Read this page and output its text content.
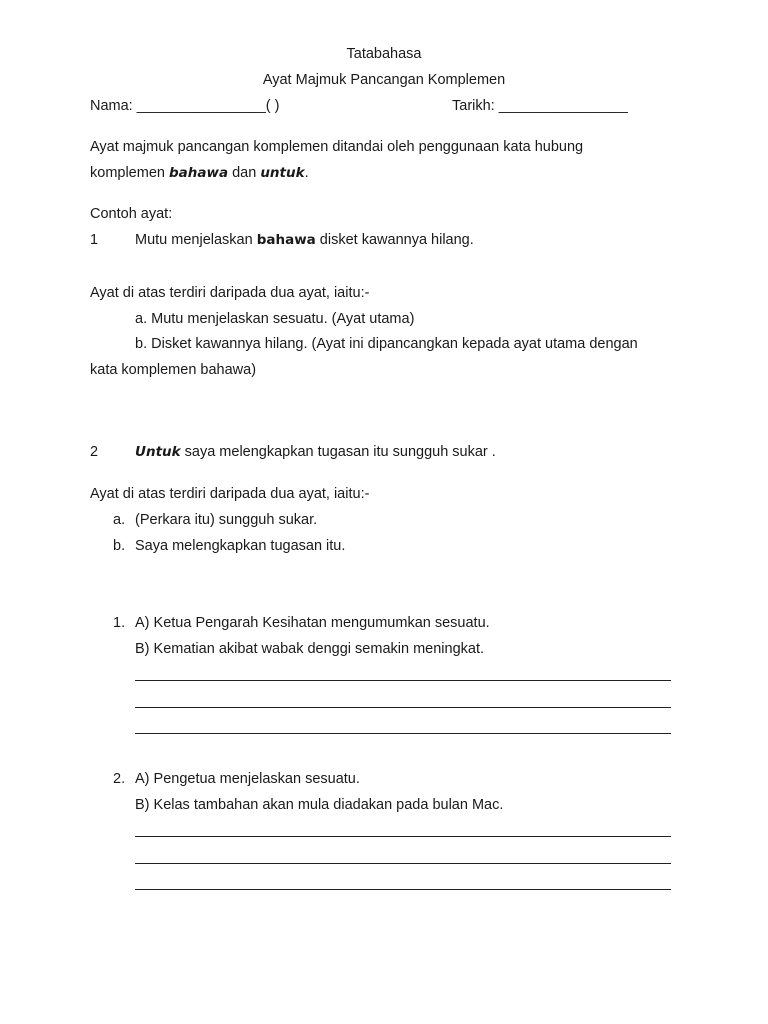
Tatabahasa
Ayat Majmuk Pancangan Komplemen
Nama: ________________( )	Tarikh: ________________
Ayat majmuk pancangan komplemen ditandai oleh penggunaan kata hubung
komplemen bahawa dan untuk.
Contoh ayat:
1	Mutu menjelaskan bahawa disket kawannya hilang.
Ayat di atas terdiri daripada dua ayat, iaitu:-
a. Mutu menjelaskan sesuatu. (Ayat utama)
b. Disket kawannya hilang. (Ayat ini dipancangkan kepada ayat utama dengan
kata komplemen bahawa)
2	Untuk saya melengkapkan tugasan itu sungguh sukar .
Ayat di atas terdiri daripada dua ayat, iaitu:-
a. (Perkara itu) sungguh sukar.
b. Saya melengkapkan tugasan itu.
1. A) Ketua Pengarah Kesihatan mengumumkan sesuatu.
B) Kematian akibat wabak denggi semakin meningkat.
2. A) Pengetua menjelaskan sesuatu.
B) Kelas tambahan akan mula diadakan pada bulan Mac.
